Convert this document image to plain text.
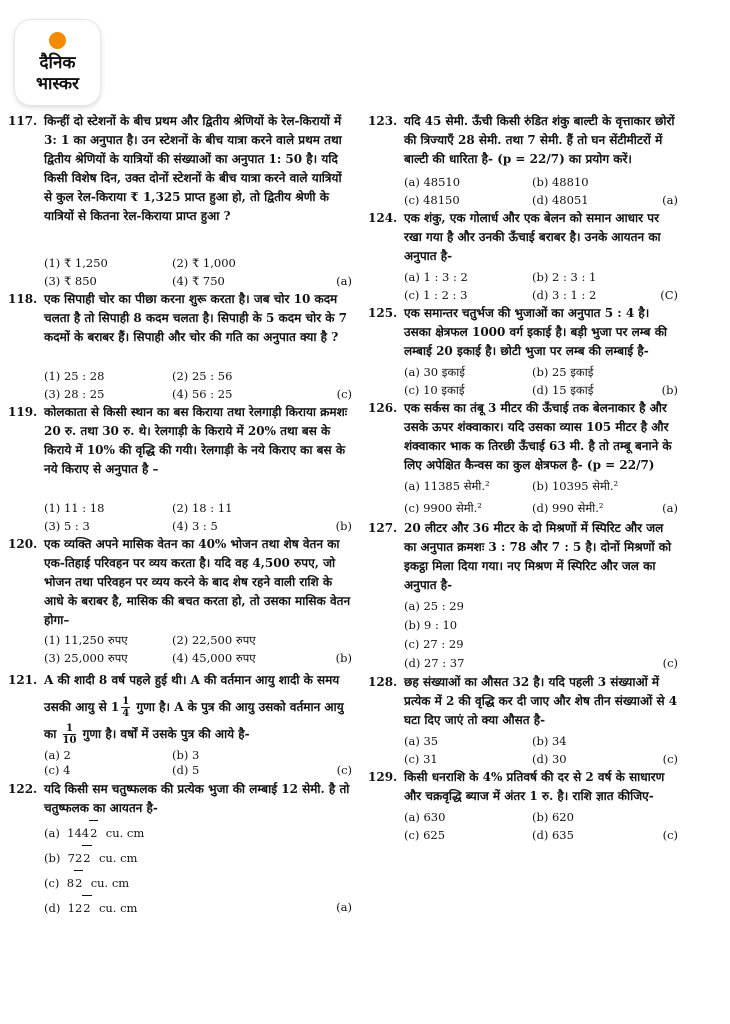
दैनिक
भास्कर
117. किन्हीं दो स्टेशनों के बीच प्रथम और द्वितीय श्रेणियों के रेल-किरायों में 3: 1 का अनुपात है। उन स्टेशनों के बीच यात्रा करने वाले प्रथम तथा द्वितीय श्रेणियों के यात्रियों की संख्याओं का अनुपात 1: 50 है। यदि किसी विशेष दिन, उक्त दोनों स्टेशनों के बीच यात्रा करने वाले यात्रियों से कुल रेल-किराया ₹ 1,325 प्राप्त हुआ हो, तो द्वितीय श्रेणी के यात्रियों से कितना रेल-किराया प्राप्त हुआ ?
(1) ₹ 1,250	(2) ₹ 1,000
(3) ₹ 850	(4) ₹ 750	(a)
118. एक सिपाही चोर का पीछा करना शुरू करता है। जब चोर 10 कदम चलता है तो सिपाही 8 कदम चलता है। सिपाही के 5 कदम चोर के 7 कदमों के बराबर हैं। सिपाही और चोर की गति का अनुपात क्या है ?
(1) 25 : 28	(2) 25 : 56
(3) 28 : 25	(4) 56 : 25	(c)
119. कोलकाता से किसी स्थान का बस किराया तथा रेलगाड़ी किराया क्रमशः 20 रु. तथा 30 रु. थे। रेलगाड़ी के किराये में 20% तथा बस के किराये में 10% की वृद्धि की गयी। रेलगाड़ी के नये किराए का बस के नये किराए से अनुपात है –
(1) 11 : 18	(2) 18 : 11
(3) 5 : 3	(4) 3 : 5	(b)
120. एक व्यक्ति अपने मासिक वेतन का 40% भोजन तथा शेष वेतन का एक-तिहाई परिवहन पर व्यय करता है। यदि वह 4,500 रुपए, जो भोजन तथा परिवहन पर व्यय करने के बाद शेष रहने वाली राशि के आधे के बराबर है, मासिक की बचत करता हो, तो उसका मासिक वेतन होगा–
(1) 11,250 रुपए	(2) 22,500 रुपए
(3) 25,000 रुपए	(4) 45,000 रुपए	(b)
121. A की शादी 8 वर्ष पहले हुई थी। A की वर्तमान आयु शादी के समय उसकी आयु से $1 \frac{1}{4}$ गुणा है। A के पुत्र की आयु उसको वर्तमान आयु का $\frac{1}{10}$ गुणा है। वर्षों में उसके पुत्र की आये है-
(a) 2	(b) 3
(c) 4	(d) 5	(c)
122. यदि किसी सम चतुष्फलक की प्रत्येक भुजा की लम्बाई 12 सेमी. है तो चतुष्फलक का आयतन है-
(a) 1442 cu. cm
(b) 722 cu. cm
(c) 82 cu. cm
(d) 122 cu. cm	(a)
123. यदि 45 सेमी. ऊँची किसी रुंडित शंकु बाल्टी के वृत्ताकार छोरों की त्रिज्याएँ 28 सेमी. तथा 7 सेमी. हैं तो घन सेंटीमीटरों में बाल्टी की धारिता है- (p = 22/7) का प्रयोग करें।
(a) 48510	(b) 48810
(c) 48150	(d) 48051	(a)
124. एक शंकु, एक गोलार्ध और एक बेलन को समान आधार पर रखा गया है और उनकी ऊँचाई बराबर है। उनके आयतन का अनुपात है-
(a) 1 : 3 : 2	(b) 2 : 3 : 1
(c) 1 : 2 : 3	(d) 3 : 1 : 2	(C)
125. एक समान्तर चतुर्भज की भुजाओं का अनुपात 5 : 4 है। उसका क्षेत्रफल 1000 वर्ग इकाई है। बड़ी भुजा पर लम्ब की लम्बाई 20 इकाई है। छोटी भुजा पर लम्ब की लम्बाई है-
(a) 30 इकाई	(b) 25 इकाई
(c) 10 इकाई	(d) 15 इकाई	(b)
126. एक सर्कस का तंबू 3 मीटर की ऊँचाई तक बेलनाकार है और उसके ऊपर शंक्वाकार। यदि उसका व्यास 105 मीटर है और शंक्वाकार भाक क तिरछी ऊँचाई 63 मी. है तो तम्बू बनाने के लिए अपेक्षित कैन्वस का कुल क्षेत्रफल है- (p = 22/7)
(a) 11385 सेमी.²	(b) 10395 सेमी.²
(c) 9900 सेमी.²	(d) 990 सेमी.²	(a)
127. 20 लीटर और 36 मीटर के दो मिश्रणों में स्पिरिट और जल का अनुपात क्रमशः 3 : 78 और 7 : 5 है। दोनों मिश्रणों को इकट्ठा मिला दिया गया। नए मिश्रण में स्पिरिट और जल का अनुपात है-
(a) 25 : 29
(b) 9 : 10
(c) 27 : 29
(d) 27 : 37	(c)
128. छह संख्याओं का औसत 32 है। यदि पहली 3 संख्याओं में प्रत्येक में 2 की वृद्धि कर दी जाए और शेष तीन संख्याओं से 4 घटा दिए जाएं तो क्या औसत है-
(a) 35	(b) 34
(c) 31	(d) 30	(c)
129. किसी धनराशि के 4% प्रतिवर्ष की दर से 2 वर्ष के साधारण और चक्रवृद्धि ब्याज में अंतर 1 रु. है। राशि ज्ञात कीजिए-
(a) 630	(b) 620
(c) 625	(d) 635	(c)
